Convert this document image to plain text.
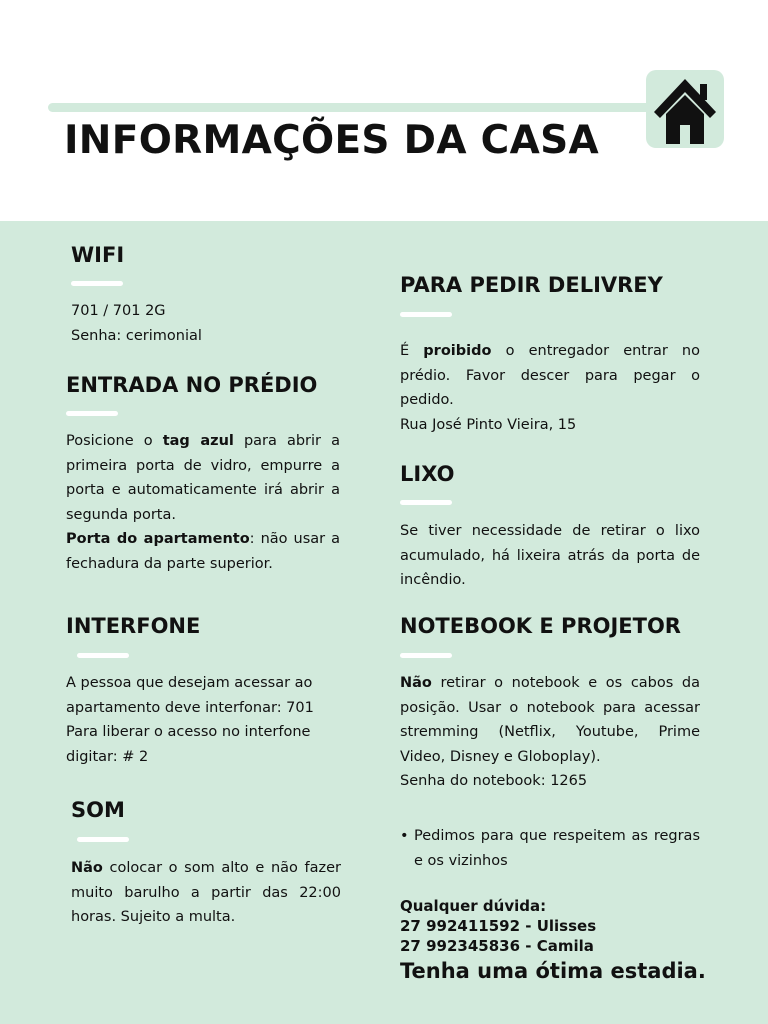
INFORMAÇÕES DA CASA
WIFI

701 / 701 2G

Senha: cerimonial

ENTRADA NO PRÉDIO

Posicione o tag azul para abrir a primeira porta de vidro, empurre a porta e automaticamente irá abrir a segunda porta.
Porta do apartamento: não usar a fechadura da parte superior.

INTERFONE

A pessoa que desejam acessar ao apartamento deve interfonar: 701

Para liberar o acesso no interfone digitar: # 2

SOM

Não colocar o som alto e não fazer muito barulho a partir das 22:00 horas. Sujeito a multa.

PARA PEDIR DELIVREY

É proibido o entregador entrar no prédio. Favor descer para pegar o pedido.

Rua José Pinto Vieira, 15

LIXO

Se tiver necessidade de retirar o lixo acumulado, há lixeira atrás da porta de incêndio.

NOTEBOOK E PROJETOR

Não retirar o notebook e os cabos da posição. Usar o notebook para acessar stremming (Netflix, Youtube, Prime Video, Disney e Globoplay).

Senha do notebook: 1265

• Pedimos para que respeitem as regras e os vizinhos
Qualquer dúvida:
27 992411592 - Ulisses
27 992345836 - Camila
Tenha uma ótima estadia.
